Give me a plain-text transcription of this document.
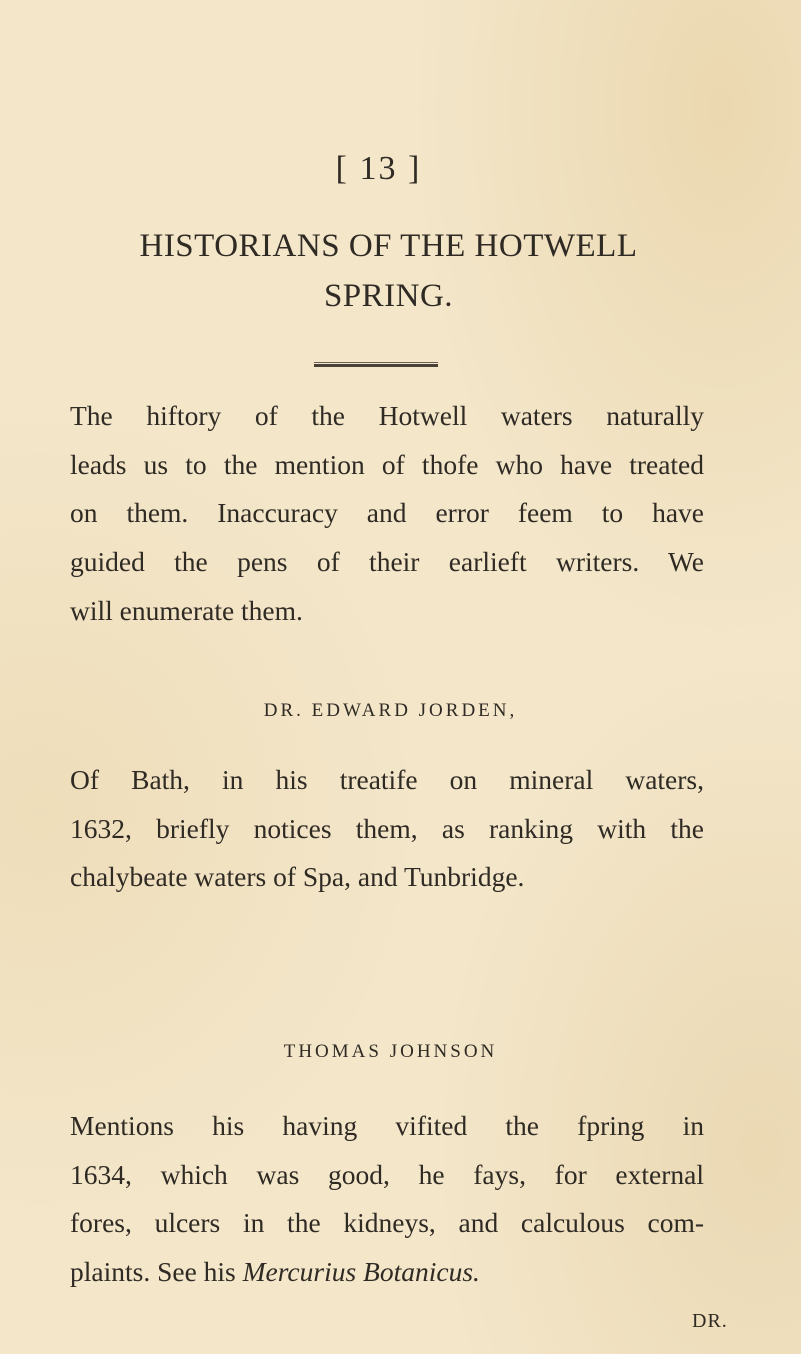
[ 13 ]
HISTORIANS OF THE HOTWELL
SPRING.
The hiftory of the Hotwell waters naturally
leads us to the mention of thofe who have treated
on them. Inaccuracy and error feem to have
guided the pens of their earlieft writers. We
will enumerate them.
DR. EDWARD JORDEN,
Of Bath, in his treatife on mineral waters,
1632, briefly notices them, as ranking with the
chalybeate waters of Spa, and Tunbridge.
THOMAS JOHNSON
Mentions his having vifited the fpring in
1634, which was good, he fays, for external
fores, ulcers in the kidneys, and calculous com-
plaints. See his Mercurius Botanicus.
DR.
